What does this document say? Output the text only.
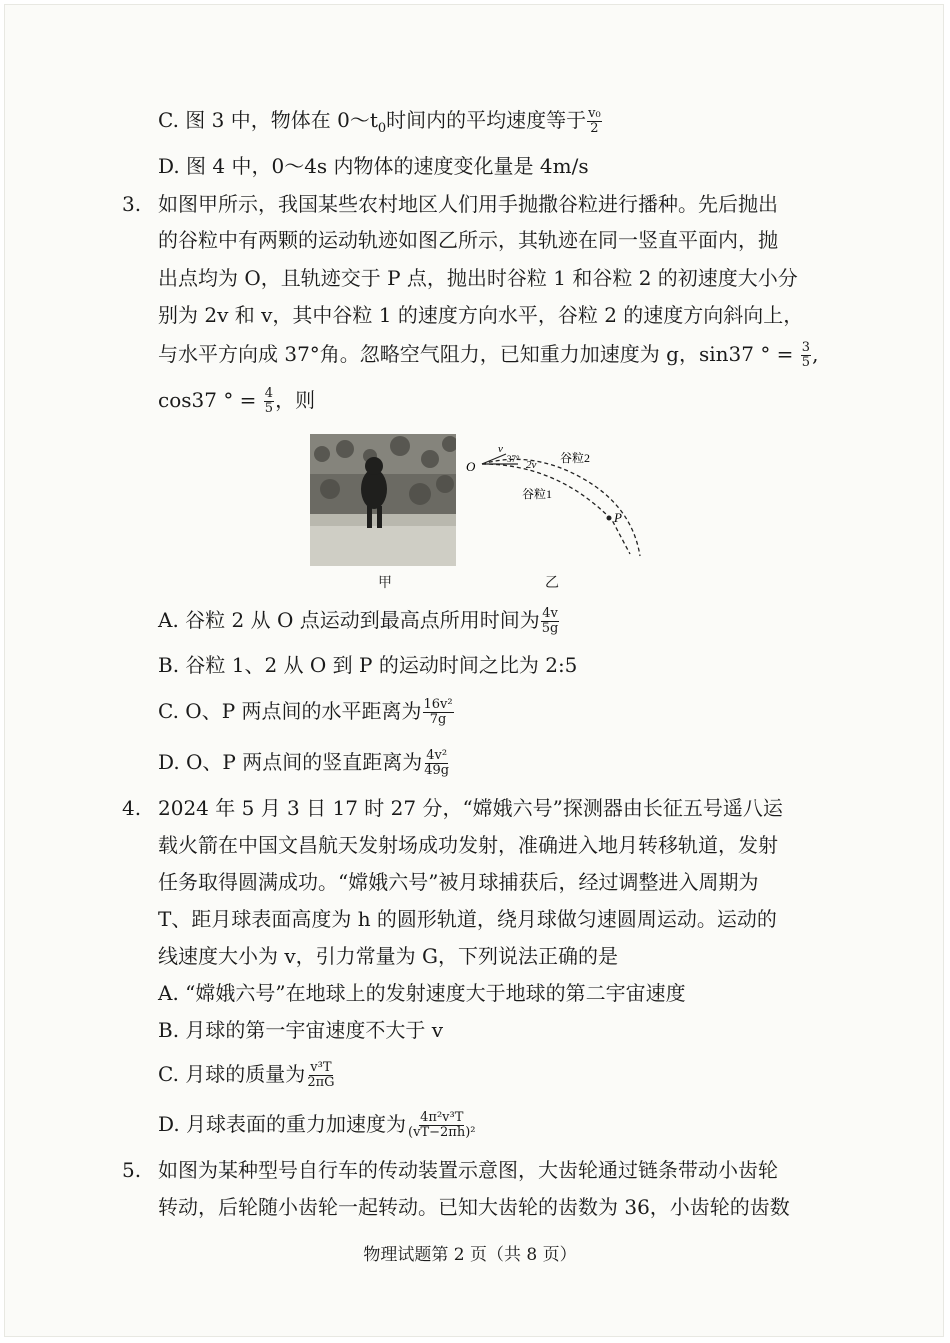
C. 图 3 中，物体在 $0\sim t_0$时间内的平均速度等于 $\frac{\text{v₀}}{2}$
D. 图 4 中，0～4s 内物体的速度变化量是 4m/s
3. 如图甲所示，我国某些农村地区人们用手抛撒谷粒进行播种。先后抛出
的谷粒中有两颗的运动轨迹如图乙所示，其轨迹在同一竖直平面内，抛
出点均为 O，且轨迹交于 P 点，抛出时谷粒 1 和谷粒 2 的初速度大小分
别为 2v 和 v，其中谷粒 1 的速度方向水平，谷粒 2 的速度方向斜向上，
与水平方向成 37°角。忽略空气阻力，已知重力加速度为 g，sin37 ° = $\frac{3}{5}$ ,
cos37 ° = $\frac{4}{5}$ ，则
甲
O
v
37° 2v 谷粒2
谷粒1
P
乙
A. 谷粒 2 从 O 点运动到最高点所用时间为 $\frac{4v}{5g}$
B. 谷粒 1、2 从 O 到 P 的运动时间之比为 2:5
C. O、P 两点间的水平距离为 $\frac{\text{16v²}}{7g}$
D. O、P 两点间的竖直距离为 $\frac{\text{4v²}}{49g}$
4. 2024 年 5 月 3 日 17 时 27 分，“嫦娥六号”探测器由长征五号遥八运
载火箭在中国文昌航天发射场成功发射，准确进入地月转移轨道，发射
任务取得圆满成功。“嫦娥六号”被月球捕获后，经过调整进入周期为
T、距月球表面高度为 h 的圆形轨道，绕月球做匀速圆周运动。运动的
线速度大小为 v，引力常量为 G，下列说法正确的是
A. “嫦娥六号”在地球上的发射速度大于地球的第二宇宙速度
B. 月球的第一宇宙速度不大于 v
C. 月球的质量为 $\frac{\text{v³T}}{2\pi G}$
D. 月球表面的重力加速度为 $\frac{\text{4π²v³T}}{\text{(vT−2πh)²}}$
5. 如图为某种型号自行车的传动装置示意图，大齿轮通过链条带动小齿轮
转动，后轮随小齿轮一起转动。已知大齿轮的齿数为 36，小齿轮的齿数
物理试题第 2 页（共 8 页）
